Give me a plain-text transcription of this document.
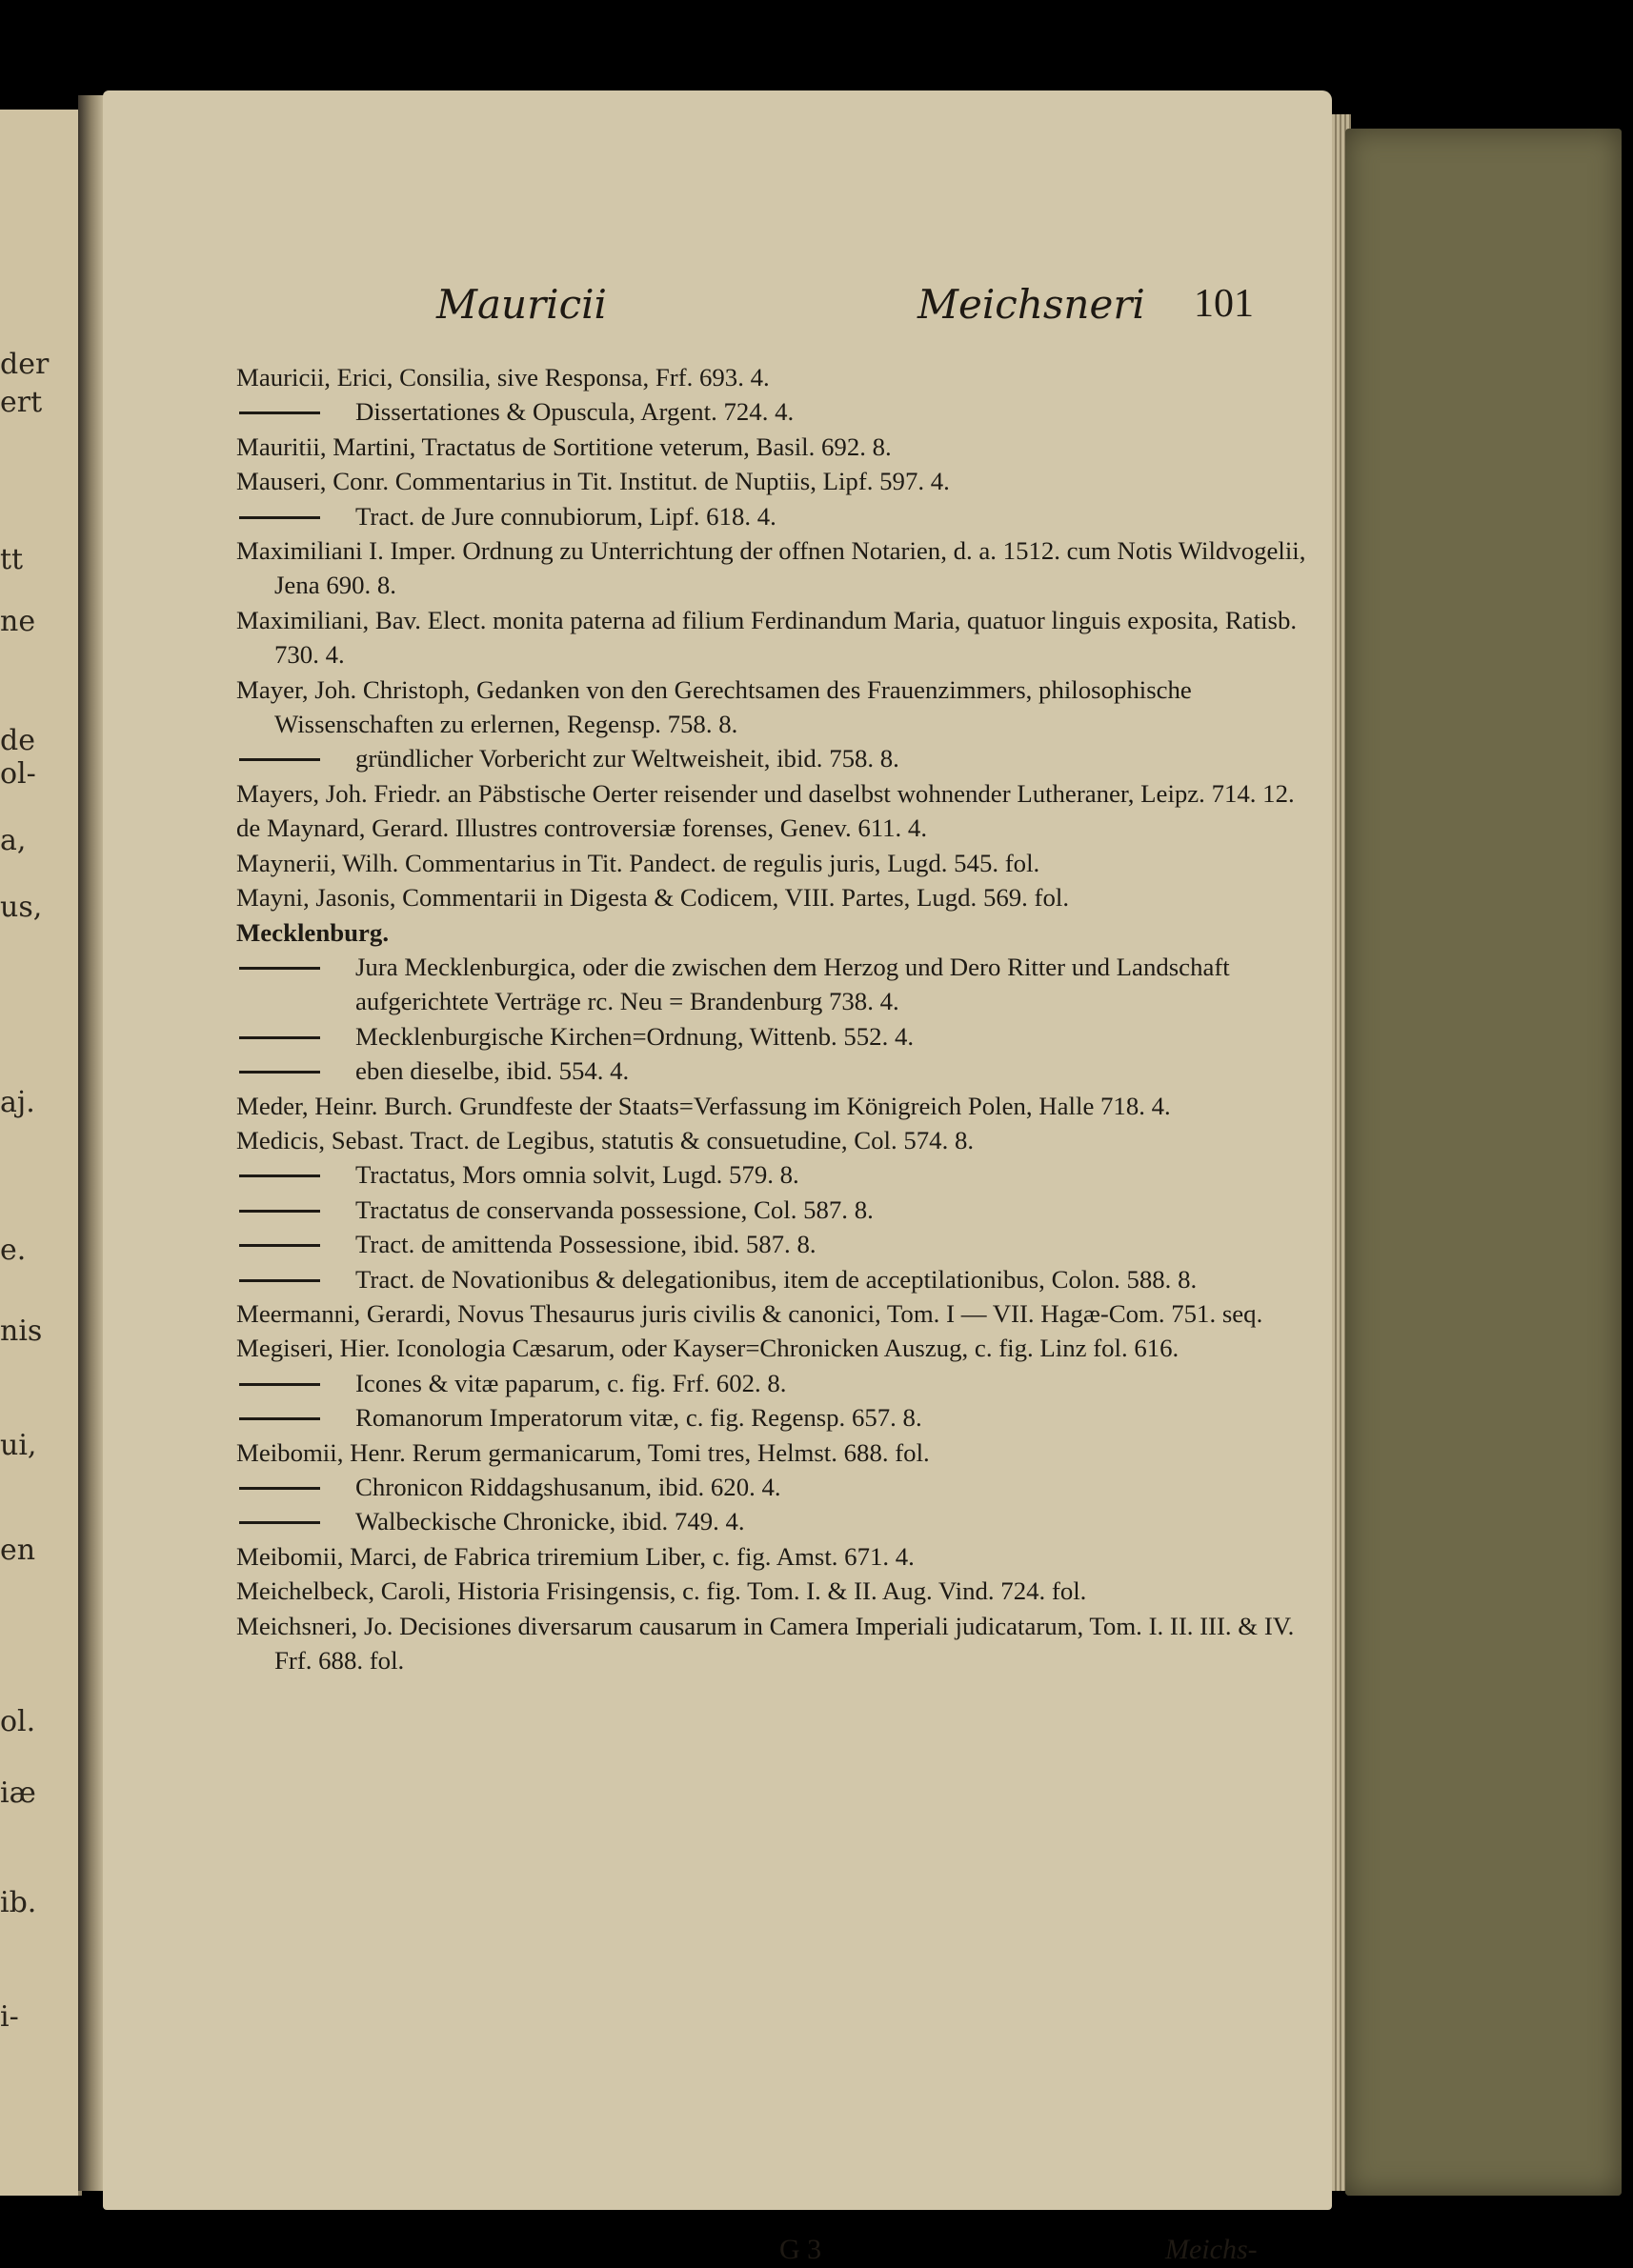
der
ert
tt
ne
de
ol-
a,
us,
aj.
e.
nis
ui,
en
ol.
iæ
ib.
i-
Mauricii	Meichsneri 101
Mauricii, Erici, Consilia, sive Responsa, Frf. 693. 4.
Dissertationes & Opuscula, Argent. 724. 4.
Mauritii, Martini, Tractatus de Sortitione veterum, Basil. 692. 8.
Mauseri, Conr. Commentarius in Tit. Institut. de Nuptiis, Lipf. 597. 4.
Tract. de Jure connubiorum, Lipf. 618. 4.
Maximiliani I. Imper. Ordnung zu Unterrichtung der offnen Notarien, d. a. 1512. cum Notis Wildvogelii, Jena 690. 8.
Maximiliani, Bav. Elect. monita paterna ad filium Ferdinandum Maria, quatuor linguis exposita, Ratisb. 730. 4.
Mayer, Joh. Christoph, Gedanken von den Gerechtsamen des Frauenzimmers, philosophische Wissenschaften zu erlernen, Regensp. 758. 8.
gründlicher Vorbericht zur Weltweisheit, ibid. 758. 8.
Mayers, Joh. Friedr. an Päbstische Oerter reisender und daselbst wohnender Lutheraner, Leipz. 714. 12.
de Maynard, Gerard. Illustres controversiæ forenses, Genev. 611. 4.
Maynerii, Wilh. Commentarius in Tit. Pandect. de regulis juris, Lugd. 545. fol.
Mayni, Jasonis, Commentarii in Digesta & Codicem, VIII. Partes, Lugd. 569. fol.
Mecklenburg.
Jura Mecklenburgica, oder die zwischen dem Herzog und Dero Ritter und Landschaft aufgerichtete Verträge rc. Neu = Brandenburg 738. 4.
Mecklenburgische Kirchen=Ordnung, Wittenb. 552. 4.
eben dieselbe, ibid. 554. 4.
Meder, Heinr. Burch. Grundfeste der Staats=Verfassung im Königreich Polen, Halle 718. 4.
Medicis, Sebast. Tract. de Legibus, statutis & consuetudine, Col. 574. 8.
Tractatus, Mors omnia solvit, Lugd. 579. 8.
Tractatus de conservanda possessione, Col. 587. 8.
Tract. de amittenda Possessione, ibid. 587. 8.
Tract. de Novationibus & delegationibus, item de acceptilationibus, Colon. 588. 8.
Meermanni, Gerardi, Novus Thesaurus juris civilis & canonici, Tom. I — VII. Hagæ-Com. 751. seq.
Megiseri, Hier. Iconologia Cæsarum, oder Kayser=Chronicken Auszug, c. fig. Linz fol. 616.
Icones & vitæ paparum, c. fig. Frf. 602. 8.
Romanorum Imperatorum vitæ, c. fig. Regensp. 657. 8.
Meibomii, Henr. Rerum germanicarum, Tomi tres, Helmst. 688. fol.
Chronicon Riddagshusanum, ibid. 620. 4.
Walbeckische Chronicke, ibid. 749. 4.
Meibomii, Marci, de Fabrica triremium Liber, c. fig. Amst. 671. 4.
Meichelbeck, Caroli, Historia Frisingensis, c. fig. Tom. I. & II. Aug. Vind. 724. fol.
Meichsneri, Jo. Decisiones diversarum causarum in Camera Imperiali judicatarum, Tom. I. II. III. & IV. Frf. 688. fol.
G 3	Meichs-
